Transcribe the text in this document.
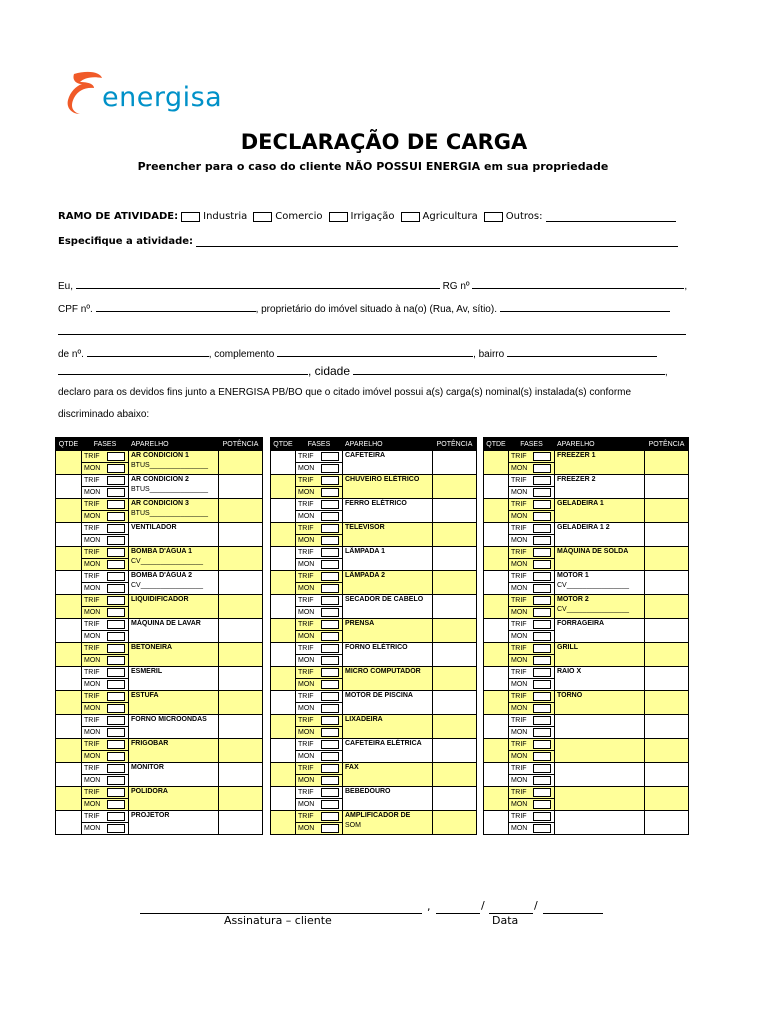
energisa
DECLARAÇÃO DE CARGA
Preencher para o caso do cliente NÃO POSSUI ENERGIA em sua propriedade
RAMO DE ATIVIDADE:	Industria	Comercio	Irrigação	Agricultura	Outros:
Especifique a atividade:
Eu,	RG nº	,
CPF nº.	, proprietário do imóvel situado à na(o) (Rua, Av, sítio).
de nº.	, complemento	, bairro
, cidade	,
declaro para os devidos fins junto a ENERGISA PB/BO que o citado imóvel possui a(s) carga(s) nominal(s) instalada(s) conforme
discriminado abaixo:
QTDE	FASES	APARELHO	POTÊNCIA
	TRIF	AR CONDICION 1
BTUS_______________	

	MON		

	TRIF	AR CONDICION 2
BTUS_______________	

	MON		

	TRIF	AR CONDICION 3
BTUS_______________	

	MON		

	TRIF	VENTILADOR	
	MON		

	TRIF	BOMBA D'ÁGUA 1
CV________________	

	MON		

	TRIF	BOMBA D'ÁGUA 2
CV________________	

	MON		

	TRIF	LIQUIDIFICADOR	
	MON		

	TRIF	MÁQUINA DE LAVAR	
	MON		

	TRIF	BETONEIRA	
	MON		

	TRIF	ESMERIL	
	MON		

	TRIF	ESTUFA	
	MON		

	TRIF	FORNO MICROONDAS	
	MON		

	TRIF	FRIGOBAR	
	MON		

	TRIF	MONITOR	
	MON		

	TRIF	POLIDORA	
	MON		

	TRIF	PROJETOR	
	MON		
QTDE	FASES	APARELHO	POTÊNCIA
	TRIF	CAFETEIRA	
	MON		

	TRIF	CHUVEIRO ELÉTRICO	
	MON		

	TRIF	FERRO ELÉTRICO	
	MON		

	TRIF	TELEVISOR	
	MON		

	TRIF	LÂMPADA 1	
	MON		

	TRIF	LÂMPADA 2	
	MON		

	TRIF	SECADOR DE CABELO	
	MON		

	TRIF	PRENSA	
	MON		

	TRIF	FORNO ELÉTRICO	
	MON		

	TRIF	MICRO COMPUTADOR	
	MON		

	TRIF	MOTOR DE PISCINA	
	MON		

	TRIF	LIXADEIRA	
	MON		

	TRIF	CAFETEIRA ELÉTRICA	
	MON		

	TRIF	FAX	
	MON		

	TRIF	BEBEDOURO	
	MON		

	TRIF	AMPLIFICADOR DE
SOM	

	MON		
QTDE	FASES	APARELHO	POTÊNCIA
	TRIF	FREEZER 1	
	MON		

	TRIF	FREEZER 2	
	MON		

	TRIF	GELADEIRA 1	
	MON		

	TRIF	GELADEIRA 1 2	
	MON		

	TRIF	MÁQUINA DE SOLDA	
	MON		

	TRIF	MOTOR 1
CV________________	

	MON		

	TRIF	MOTOR 2
CV________________	

	MON		

	TRIF	FORRAGEIRA	
	MON		

	TRIF	GRILL	
	MON		

	TRIF	RAIO X	
	MON		

	TRIF	TORNO	
	MON		

	TRIF

	MON		

	TRIF

	MON		

	TRIF

	MON		

	TRIF

	MON		

	TRIF

	MON		
,	/	/
Assinatura – cliente	Data
